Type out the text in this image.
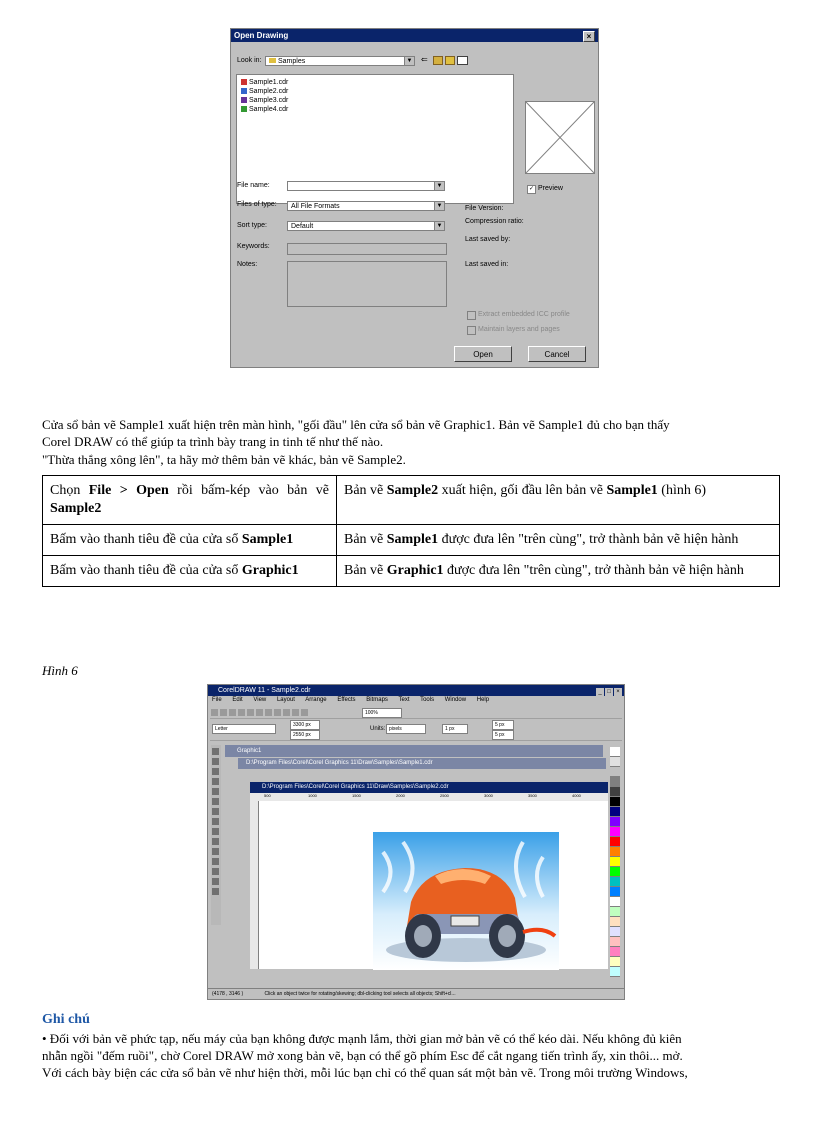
Open Drawing	×
Look in:	Samples	▼ ⇐
Sample1.cdr
Sample2.cdr
Sample3.cdr
Sample4.cdr
✓ Preview
File name:	▼
Files of type:	All File Formats	▼
Sort type:	Default	▼
Keywords:
Notes:
File Version:
Compression ratio:
Last saved by:
Last saved in:
Extract embedded ICC profile
Maintain layers and pages
Open	Cancel
Cửa sổ bản vẽ Sample1 xuất hiện trên màn hình, "gối đầu" lên cửa sổ bản vẽ Graphic1. Bản vẽ Sample1 đủ cho bạn thấy
Corel DRAW có thể giúp ta trình bày trang in tinh tế như thế nào.
"Thừa thắng xông lên", ta hãy mở thêm bản vẽ khác, bản vẽ Sample2.
Chọn File > Open rồi bấm-kép vào bản vẽ Sample2	Bản vẽ Sample2 xuất hiện, gối đầu lên bản vẽ Sample1 (hình 6)
Bấm vào thanh tiêu đề của cửa sổ Sample1	Bản vẽ Sample1 được đưa lên "trên cùng", trở thành bản vẽ hiện hành
Bấm vào thanh tiêu đề của cửa sổ Graphic1	Bản vẽ Graphic1 được đưa lên "trên cùng", trở thành bản vẽ hiện hành
Hình 6
CorelDRAW 11 - Sample2.cdr	_ □ ×
File Edit View Layout Arrange Effects Bitmaps Text Tools Window Help
100%
Letter
3300 px
2550 px
Units: pixels	1 px
5 px
5 px
Graphic1
D:\Program Files\Corel\Corel Graphics 11\Draw\Samples\Sample1.cdr
D:\Program Files\Corel\Corel Graphics 11\Draw\Samples\Sample2.cdr
500	1000	1500	2000	2500	3000	3500	4000
(4178 , 3146 )	Click an object twice for rotating/skewing; dbl-clicking tool selects all objects; Shift+cl...
Ghi chú
• Đối với bản vẽ phức tạp, nếu máy của bạn không được mạnh lắm, thời gian mở bản vẽ có thể kéo dài. Nếu không đủ kiên
nhẫn ngồi "đếm ruồi", chờ Corel DRAW mở xong bản vẽ, bạn có thể gõ phím Esc để cắt ngang tiến trình ấy, xin thôi... mở.
Với cách bày biện các cửa sổ bản vẽ như hiện thời, mỗi lúc bạn chỉ có thể quan sát một bản vẽ. Trong môi trường Windows,
